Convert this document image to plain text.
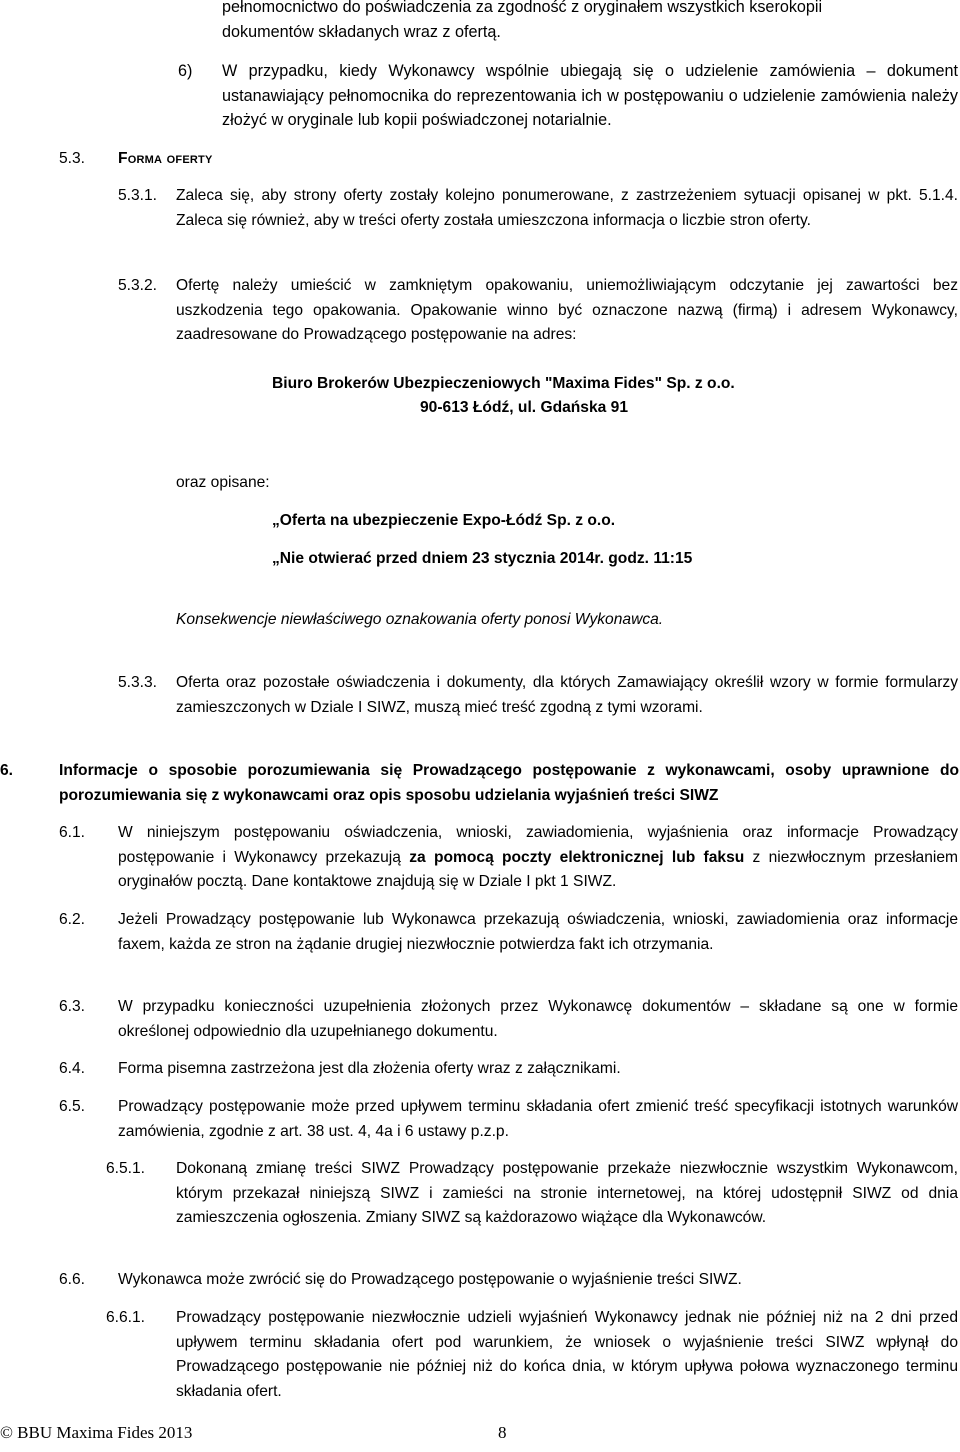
pełnomocnictwo do poświadczenia za zgodność z oryginałem wszystkich kserokopii
dokumentów składanych wraz z ofertą.
6) W przypadku, kiedy Wykonawcy wspólnie ubiegają się o udzielenie zamówienia – dokument ustanawiający pełnomocnika do reprezentowania ich w postępowaniu o udzielenie zamówienia należy złożyć w oryginale lub kopii poświadczonej notarialnie.
5.3. Forma oferty
5.3.1. Zaleca się, aby strony oferty zostały kolejno ponumerowane, z zastrzeżeniem sytuacji opisanej w pkt. 5.1.4. Zaleca się również, aby w treści oferty została umieszczona informacja o liczbie stron oferty.
5.3.2. Ofertę należy umieścić w zamkniętym opakowaniu, uniemożliwiającym odczytanie jej zawartości bez uszkodzenia tego opakowania. Opakowanie winno być oznaczone nazwą (firmą) i adresem Wykonawcy, zaadresowane do Prowadzącego postępowanie na adres:
Biuro Brokerów Ubezpieczeniowych "Maxima Fides" Sp. z o.o.
90-613 Łódź, ul. Gdańska 91
oraz opisane:
„Oferta na ubezpieczenie Expo-Łódź Sp. z o.o.
„Nie otwierać przed dniem 23 stycznia 2014r. godz. 11:15
Konsekwencje niewłaściwego oznakowania oferty ponosi Wykonawca.
5.3.3. Oferta oraz pozostałe oświadczenia i dokumenty, dla których Zamawiający określił wzory w formie formularzy zamieszczonych w Dziale I SIWZ, muszą mieć treść zgodną z tymi wzorami.
6.	Informacje o sposobie porozumiewania się Prowadzącego postępowanie z wykonawcami, osoby uprawnione do porozumiewania się z wykonawcami oraz opis sposobu udzielania wyjaśnień treści SIWZ
6.1. W niniejszym postępowaniu oświadczenia, wnioski, zawiadomienia, wyjaśnienia oraz informacje Prowadzący postępowanie i Wykonawcy przekazują za pomocą poczty elektronicznej lub faksu z niezwłocznym przesłaniem oryginałów pocztą. Dane kontaktowe znajdują się w Dziale I pkt 1 SIWZ.
6.2. Jeżeli Prowadzący postępowanie lub Wykonawca przekazują oświadczenia, wnioski, zawiadomienia oraz informacje faxem, każda ze stron na żądanie drugiej niezwłocznie potwierdza fakt ich otrzymania.
6.3. W przypadku konieczności uzupełnienia złożonych przez Wykonawcę dokumentów – składane są one w formie określonej odpowiednio dla uzupełnianego dokumentu.
6.4. Forma pisemna zastrzeżona jest dla złożenia oferty wraz z załącznikami.
6.5. Prowadzący postępowanie może przed upływem terminu składania ofert zmienić treść specyfikacji istotnych warunków zamówienia, zgodnie z art. 38 ust. 4, 4a i 6 ustawy p.z.p.
6.5.1. Dokonaną zmianę treści SIWZ Prowadzący postępowanie przekaże niezwłocznie wszystkim Wykonawcom, którym przekazał niniejszą SIWZ i zamieści na stronie internetowej, na której udostępnił SIWZ od dnia zamieszczenia ogłoszenia. Zmiany SIWZ są każdorazowo wiążące dla Wykonawców.
6.6. Wykonawca może zwrócić się do Prowadzącego postępowanie o wyjaśnienie treści SIWZ.
6.6.1. Prowadzący postępowanie niezwłocznie udzieli wyjaśnień Wykonawcy jednak nie później niż na 2 dni przed upływem terminu składania ofert pod warunkiem, że wniosek o wyjaśnienie treści SIWZ wpłynął do Prowadzącego postępowanie nie później niż do końca dnia, w którym upływa połowa wyznaczonego terminu składania ofert.
© BBU Maxima Fides 2013	8
